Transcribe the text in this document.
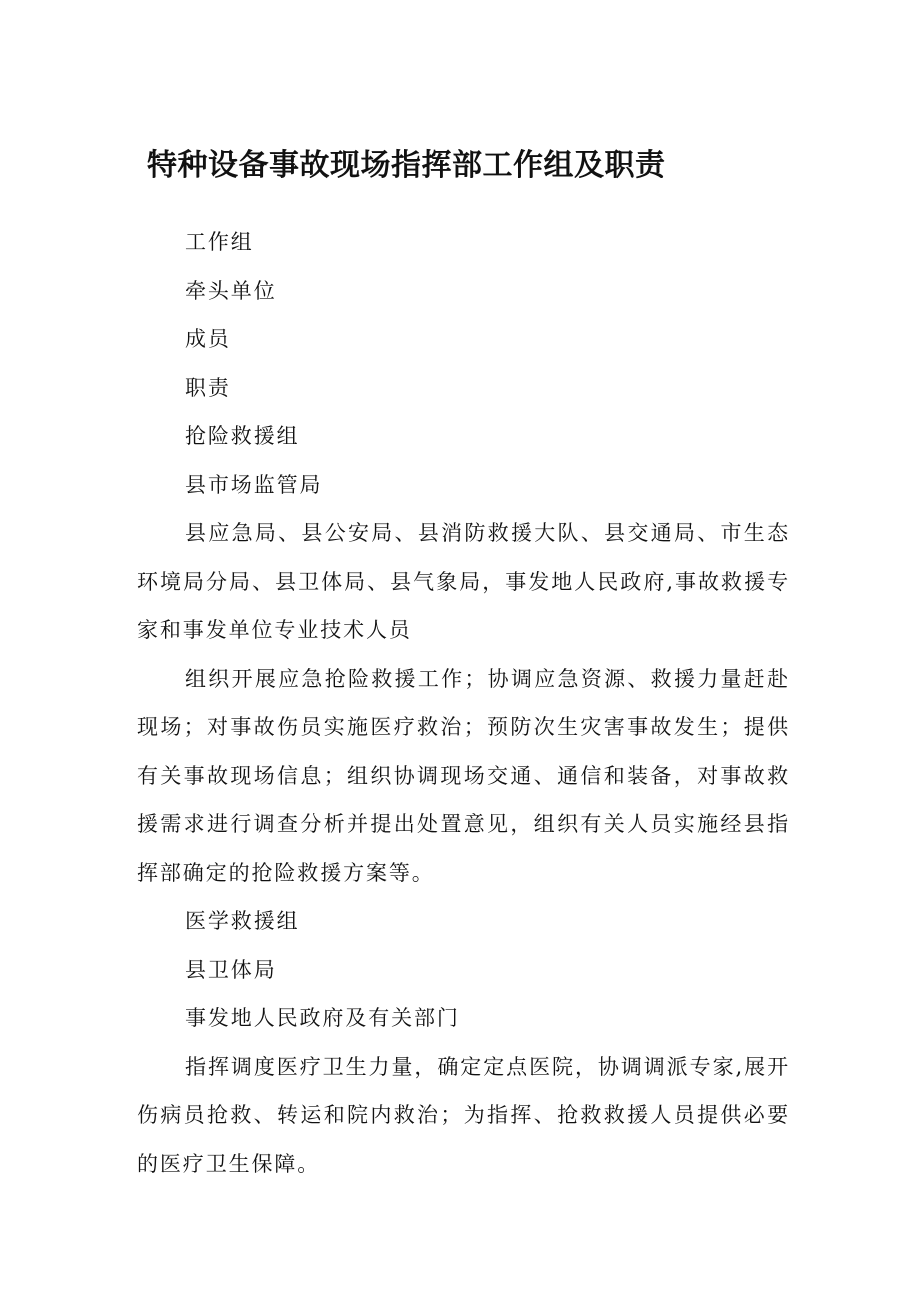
特种设备事故现场指挥部工作组及职责

工作组

牵头单位

成员

职责

抢险救援组

县市场监管局

县应急局、县公安局、县消防救援大队、县交通局、市生态环境局分局、县卫体局、县气象局，事发地人民政府,事故救援专家和事发单位专业技术人员

组织开展应急抢险救援工作；协调应急资源、救援力量赶赴现场；对事故伤员实施医疗救治；预防次生灾害事故发生；提供有关事故现场信息；组织协调现场交通、通信和装备，对事故救援需求进行调查分析并提出处置意见，组织有关人员实施经县指挥部确定的抢险救援方案等。

医学救援组

县卫体局

事发地人民政府及有关部门

指挥调度医疗卫生力量，确定定点医院，协调调派专家,展开伤病员抢救、转运和院内救治；为指挥、抢救救援人员提供必要的医疗卫生保障。
